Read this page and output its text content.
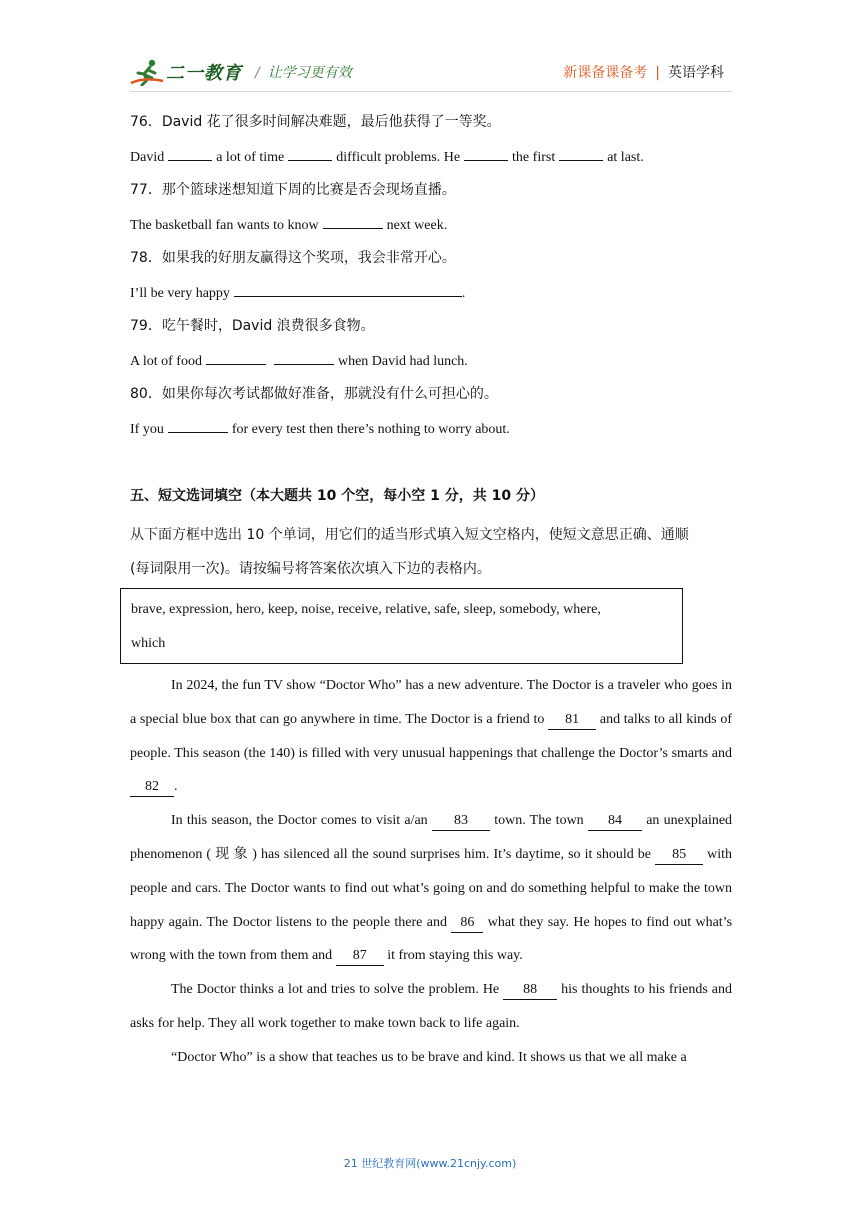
二一教育 / 让学习更有效	新课备课备考 | 英语学科
76．David 花了很多时间解决难题，最后他获得了一等奖。
David	a lot of time	difficult problems. He	the first	at last.
77．那个篮球迷想知道下周的比赛是否会现场直播。
The basketball fan wants to know	next week.
78．如果我的好朋友赢得这个奖项，我会非常开心。
I’ll be very happy	.
79．吃午餐时，David 浪费很多食物。
A lot of food	when David had lunch.
80．如果你每次考试都做好准备，那就没有什么可担心的。
If you	for every test then there’s nothing to worry about.
五、短文选词填空（本大题共 10 个空，每小空 1 分，共 10 分）
从下面方框中选出 10 个单词，用它们的适当形式填入短文空格内，使短文意思正确、通顺
(每词限用一次)。请按编号将答案依次填入下边的表格内。
brave, expression, hero, keep, noise, receive, relative, safe, sleep, somebody, where,
which
In 2024, the fun TV show “Doctor Who” has a new adventure. The Doctor is a traveler who goes in a special blue box that can go anywhere in time. The Doctor is a friend to 81 and talks to all kinds of people. This season (the 140) is filled with very unusual happenings that challenge the Doctor’s smarts and 82 .
In this season, the Doctor comes to visit a/an 83 town. The town 84 an unexplained phenomenon ( 现 象 ) has silenced all the sound surprises him. It’s daytime, so it should be 85 with people and cars. The Doctor wants to find out what’s going on and do something helpful to make the town happy again. The Doctor listens to the people there and 86 what they say. He hopes to find out what’s wrong with the town from them and 87 it from staying this way.
The Doctor thinks a lot and tries to solve the problem. He 88 his thoughts to his friends and asks for help. They all work together to make town back to life again.
“Doctor Who” is a show that teaches us to be brave and kind. It shows us that we all make a
21 世纪教育网(www.21cnjy.com)
